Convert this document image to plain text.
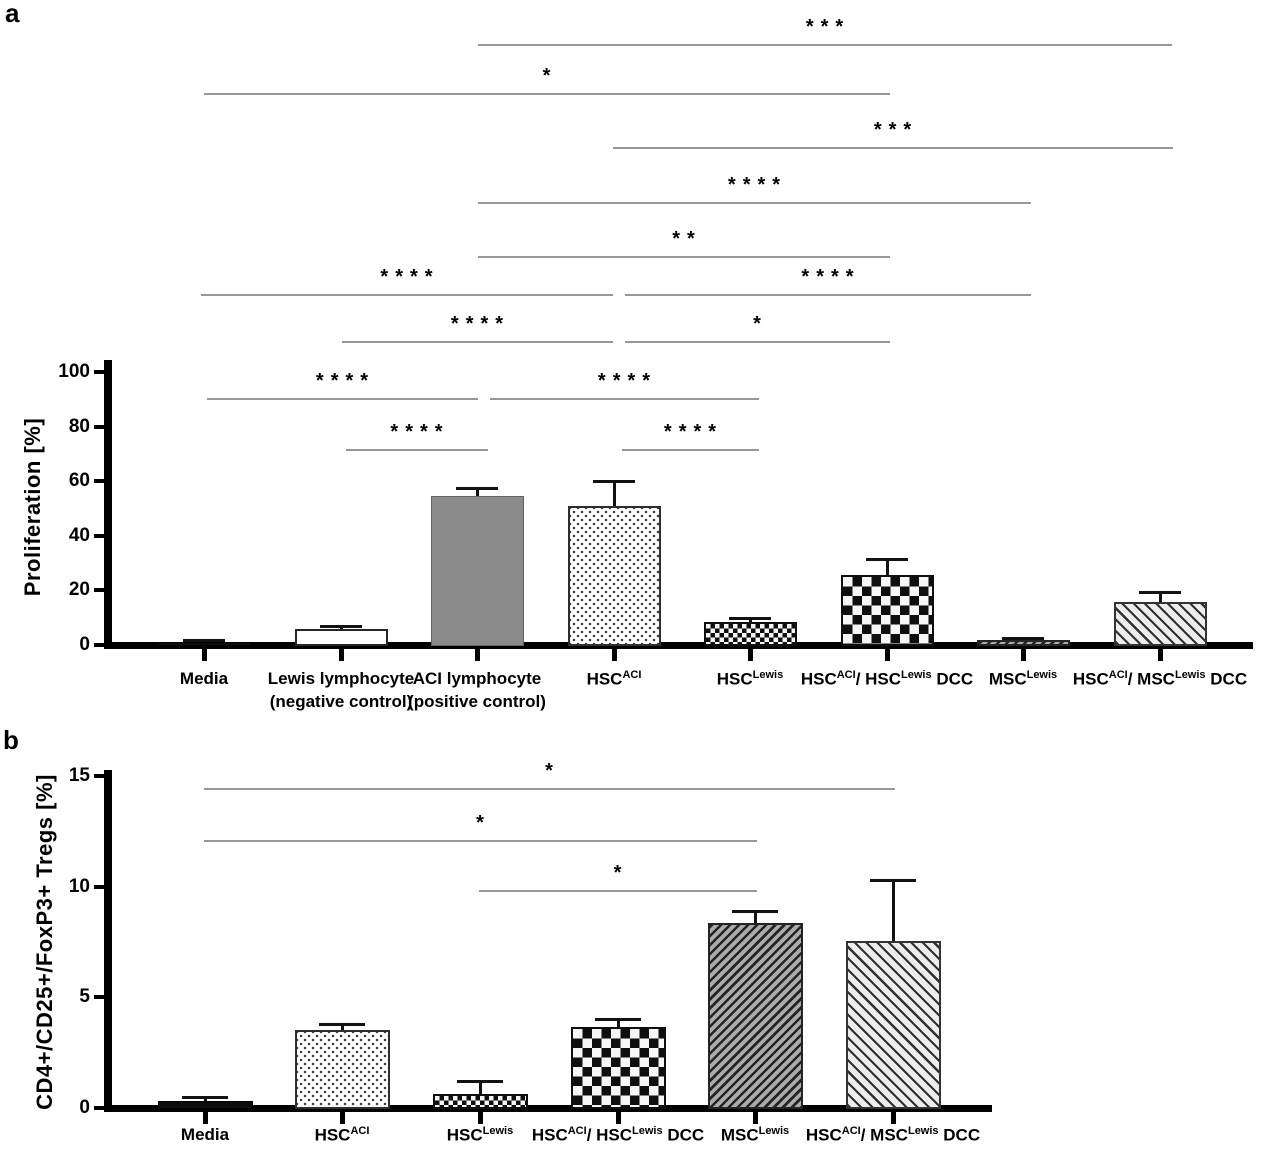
a
b
Proliferation [%]
CD4+/CD25+/FoxP3+ Tregs [%]
0
20
40
60
80
100
Media	Lewis lymphocyte
(negative control)
ACI lymphocyte
(positive control)
$HSC^{ACI}$	$HSC^{Lewis}$	$HSC^{ACI}/$ $HSC^{Lewis}$ DCC $MSC^{Lewis}$ $HSC^{ACI}/$ $MSC^{Lewis}$ DCC
***
*
***
****
**
****	****
****	*
****	****
****	****
0
5
10
15
Media	$HSC^{ACI}$	$HSC^{Lewis}$	$HSC^{ACI}/$ $HSC^{Lewis}$ DCC $MSC^{Lewis}$ $HSC^{ACI}/$ $MSC^{Lewis}$ DCC
*
*
*
